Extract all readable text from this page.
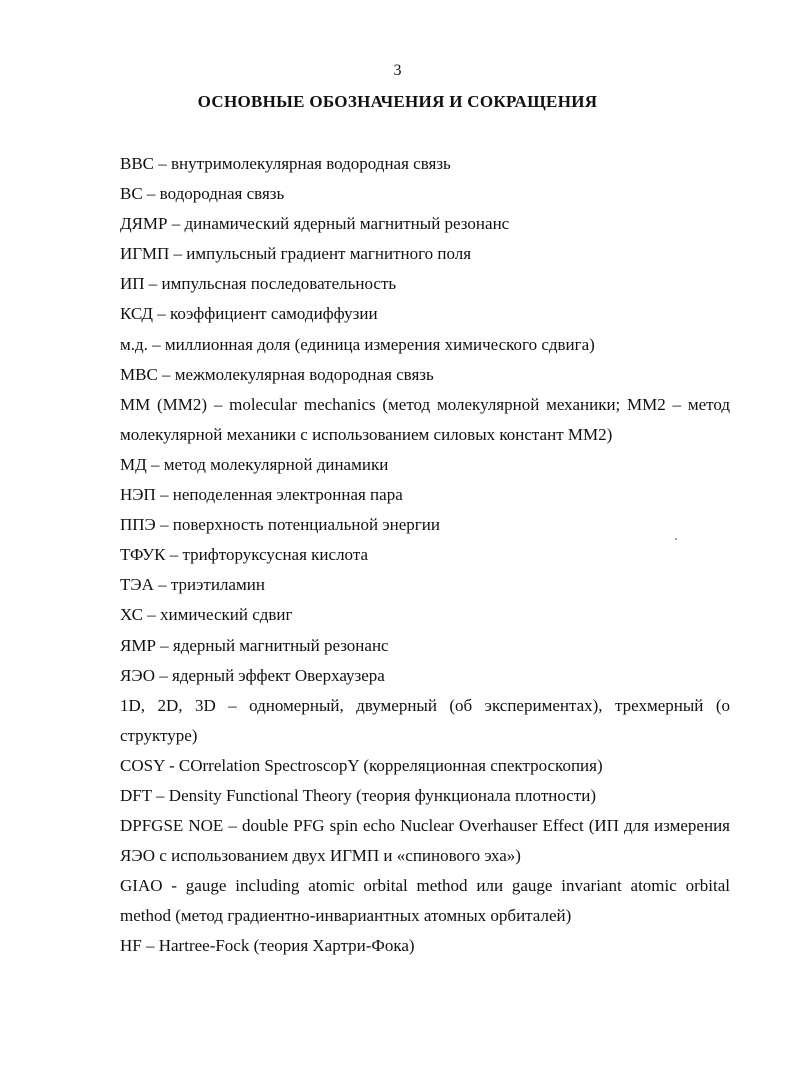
3
ОСНОВНЫЕ ОБОЗНАЧЕНИЯ И СОКРАЩЕНИЯ
ВВС – внутримолекулярная водородная связь
ВС – водородная связь
ДЯМР – динамический ядерный магнитный резонанс
ИГМП – импульсный градиент магнитного поля
ИП – импульсная последовательность
КСД – коэффициент самодиффузии
м.д. – миллионная доля (единица измерения химического сдвига)
МВС – межмолекулярная водородная связь
ММ (ММ2) – molecular mechanics (метод молекулярной механики; ММ2 – метод молекулярной механики с использованием силовых констант ММ2)
МД – метод молекулярной динамики
НЭП – неподеленная электронная пара
ППЭ – поверхность потенциальной энергии
ТФУК – трифторуксусная кислота
ТЭА – триэтиламин
ХС – химический сдвиг
ЯМР – ядерный магнитный резонанс
ЯЭО – ядерный эффект Оверхаузера
1D, 2D, 3D – одномерный, двумерный (об экспериментах), трехмерный (о структуре)
COSY - COrrelation SpectroscopY (корреляционная спектроскопия)
DFT – Density Functional Theory (теория функционала плотности)
DPFGSE NOE – double PFG spin echo Nuclear Overhauser Effect (ИП для измерения ЯЭО с использованием двух ИГМП и «спинового эха»)
GIAO - gauge including atomic orbital method или gauge invariant atomic orbital method (метод градиентно-инвариантных атомных орбиталей)
HF – Hartree-Fock (теория Хартри-Фока)
